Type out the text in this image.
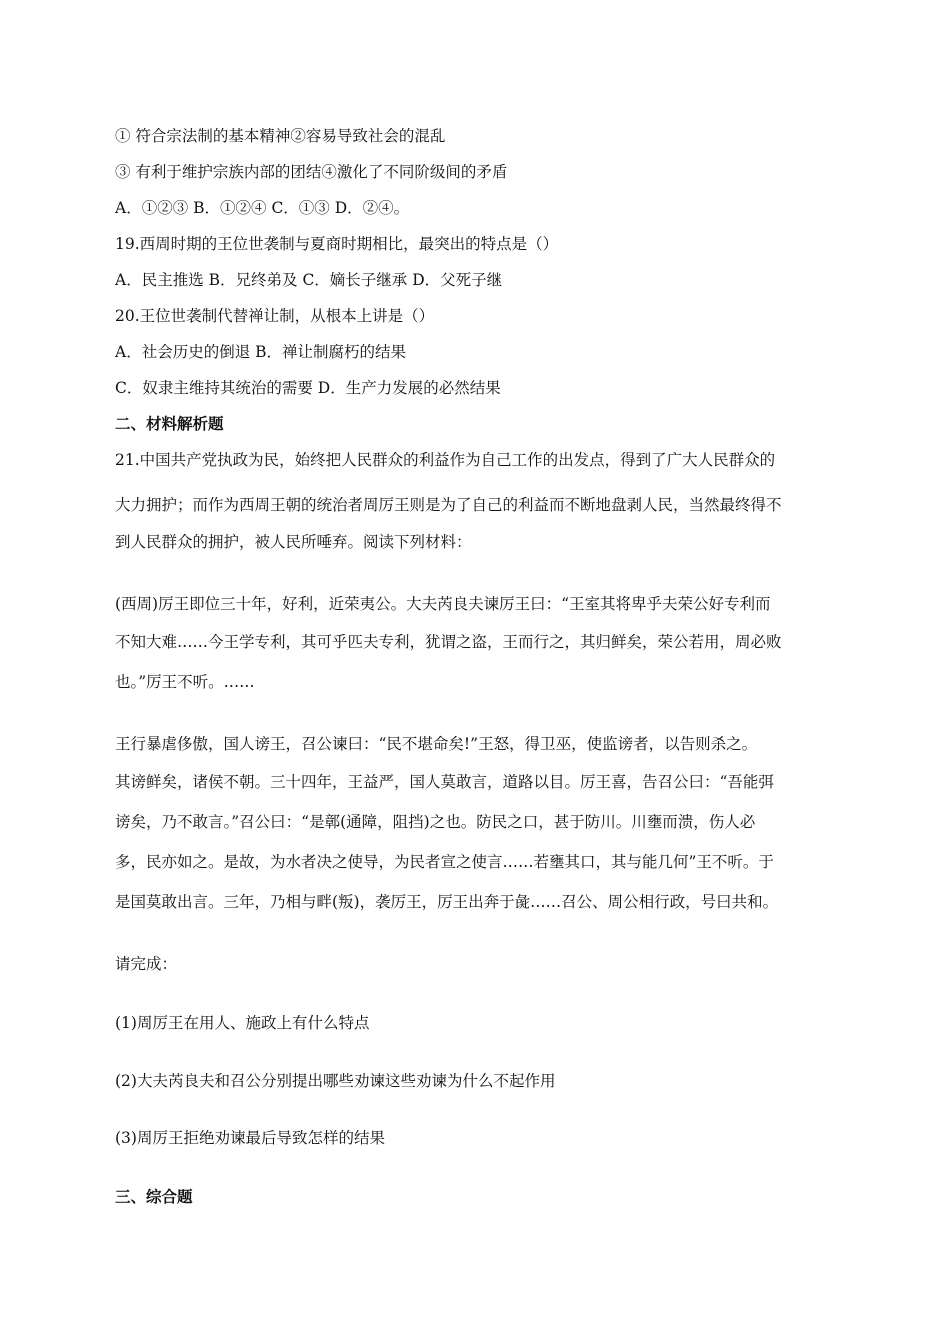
① 符合宗法制的基本精神②容易导致社会的混乱
③ 有利于维护宗族内部的团结④激化了不同阶级间的矛盾
A．①②③ B．①②④ C．①③ D．②④。
19.西周时期的王位世袭制与夏商时期相比，最突出的特点是（）
A．民主推选 B．兄终弟及 C．嫡长子继承 D．父死子继
20.王位世袭制代替禅让制，从根本上讲是（）
A．社会历史的倒退 B．禅让制腐朽的结果
C．奴隶主维持其统治的需要 D．生产力发展的必然结果
二、材料解析题
21.中国共产党执政为民，始终把人民群众的利益作为自己工作的出发点，得到了广大人民群众的
大力拥护；而作为西周王朝的统治者周厉王则是为了自己的利益而不断地盘剥人民，当然最终得不
到人民群众的拥护，被人民所唾弃。阅读下列材料：
(西周)厉王即位三十年，好利，近荣夷公。大夫芮良夫谏厉王曰：“王室其将卑乎夫荣公好专利而
不知大难……今王学专利，其可乎匹夫专利，犹谓之盗，王而行之，其归鲜矣，荣公若用，周必败
也。”厉王不听。……
王行暴虐侈傲，国人谤王，召公谏曰：“民不堪命矣!”王怒，得卫巫，使监谤者，以告则杀之。
其谤鲜矣，诸侯不朝。三十四年，王益严，国人莫敢言，道路以目。厉王喜，告召公曰：“吾能弭
谤矣，乃不敢言。”召公曰：“是鄣(通障，阻挡)之也。防民之口，甚于防川。川壅而溃，伤人必
多，民亦如之。是故，为水者决之使导，为民者宣之使言……若壅其口，其与能几何”王不听。于
是国莫敢出言。三年，乃相与畔(叛)，袭厉王，厉王出奔于彘……召公、周公相行政，号曰共和。
请完成：
(1)周厉王在用人、施政上有什么特点
(2)大夫芮良夫和召公分别提出哪些劝谏这些劝谏为什么不起作用
(3)周厉王拒绝劝谏最后导致怎样的结果
三、综合题
